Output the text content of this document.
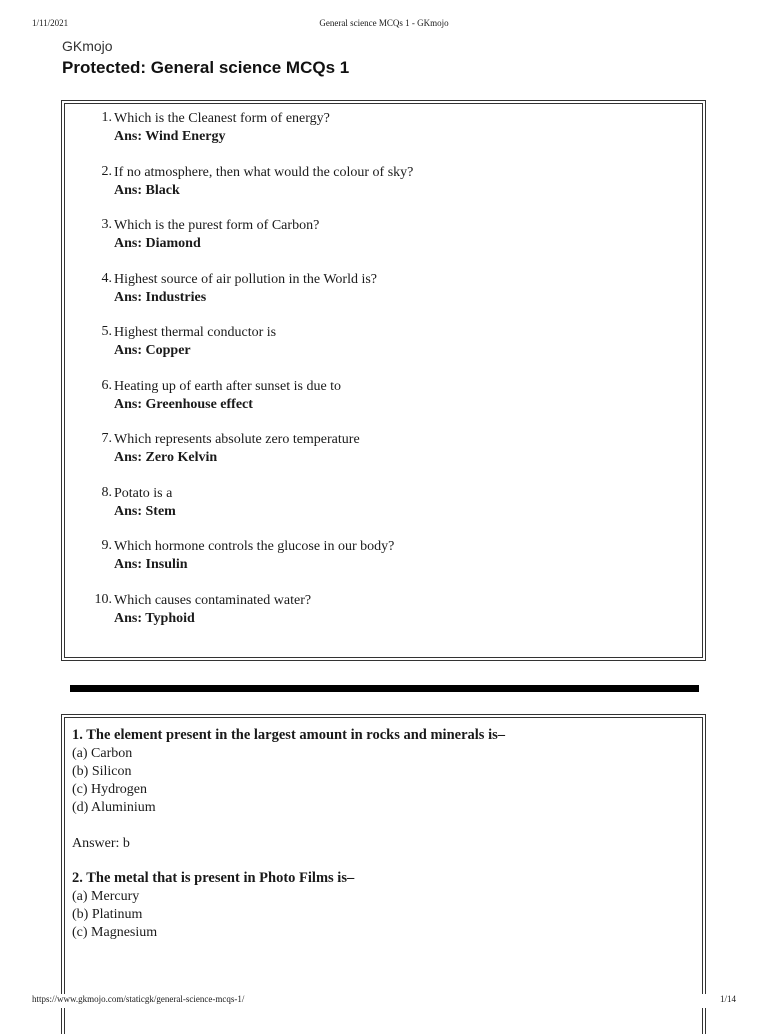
1/11/2021	General science MCQs 1 - GKmojo
GKmojo
Protected: General science MCQs 1
1. Which is the Cleanest form of energy?
Ans: Wind Energy
2. If no atmosphere, then what would the colour of sky?
Ans: Black
3. Which is the purest form of Carbon?
Ans: Diamond
4. Highest source of air pollution in the World is?
Ans: Industries
5. Highest thermal conductor is
Ans: Copper
6. Heating up of earth after sunset is due to
Ans: Greenhouse effect
7. Which represents absolute zero temperature
Ans: Zero Kelvin
8. Potato is a
Ans: Stem
9. Which hormone controls the glucose in our body?
Ans: Insulin
10. Which causes contaminated water?
Ans: Typhoid
1. The element present in the largest amount in rocks and minerals is–
(a) Carbon
(b) Silicon
(c) Hydrogen
(d) Aluminium
Answer: b
2. The metal that is present in Photo Films is–
(a) Mercury
(b) Platinum
(c) Magnesium
https://www.gkmojo.com/staticgk/general-science-mcqs-1/	1/14
